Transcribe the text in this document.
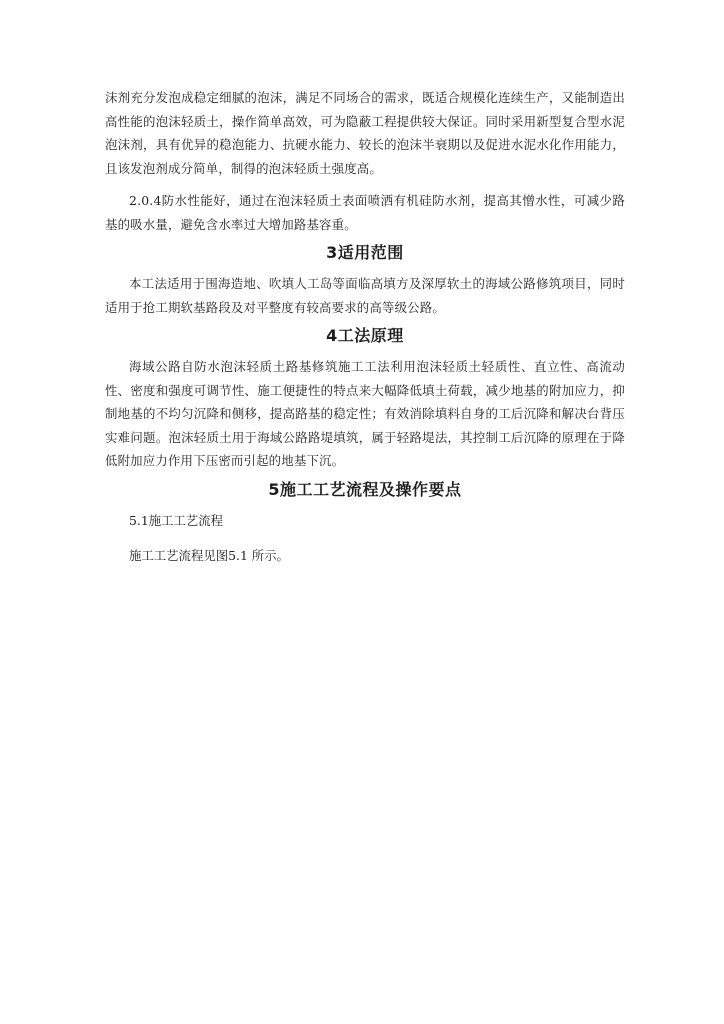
沫剂充分发泡成稳定细腻的泡沫，满足不同场合的需求，既适合规模化连续生产，又能制造出高性能的泡沫轻质土，操作简单高效，可为隐蔽工程提供较大保证。同时采用新型复合型水泥泡沫剂，具有优异的稳泡能力、抗硬水能力、较长的泡沫半衰期以及促进水泥水化作用能力，且该发泡剂成分简单，制得的泡沫轻质土强度高。

2.0.4防水性能好，通过在泡沫轻质土表面喷洒有机硅防水剂，提高其憎水性，可减少路基的吸水量，避免含水率过大增加路基容重。

3适用范围

本工法适用于围海造地、吹填人工岛等面临高填方及深厚软土的海域公路修筑项目，同时适用于抢工期软基路段及对平整度有较高要求的高等级公路。

4工法原理

海域公路自防水泡沫轻质土路基修筑施工工法利用泡沫轻质土轻质性、直立性、高流动性、密度和强度可调节性、施工便捷性的特点来大幅降低填土荷载，减少地基的附加应力，抑制地基的不均匀沉降和侧移，提高路基的稳定性；有效消除填料自身的工后沉降和解决台背压实难问题。泡沫轻质土用于海域公路路堤填筑，属于轻路堤法，其控制工后沉降的原理在于降低附加应力作用下压密而引起的地基下沉。

5施工工艺流程及操作要点

5.1施工工艺流程

施工工艺流程见图5.1 所示。
